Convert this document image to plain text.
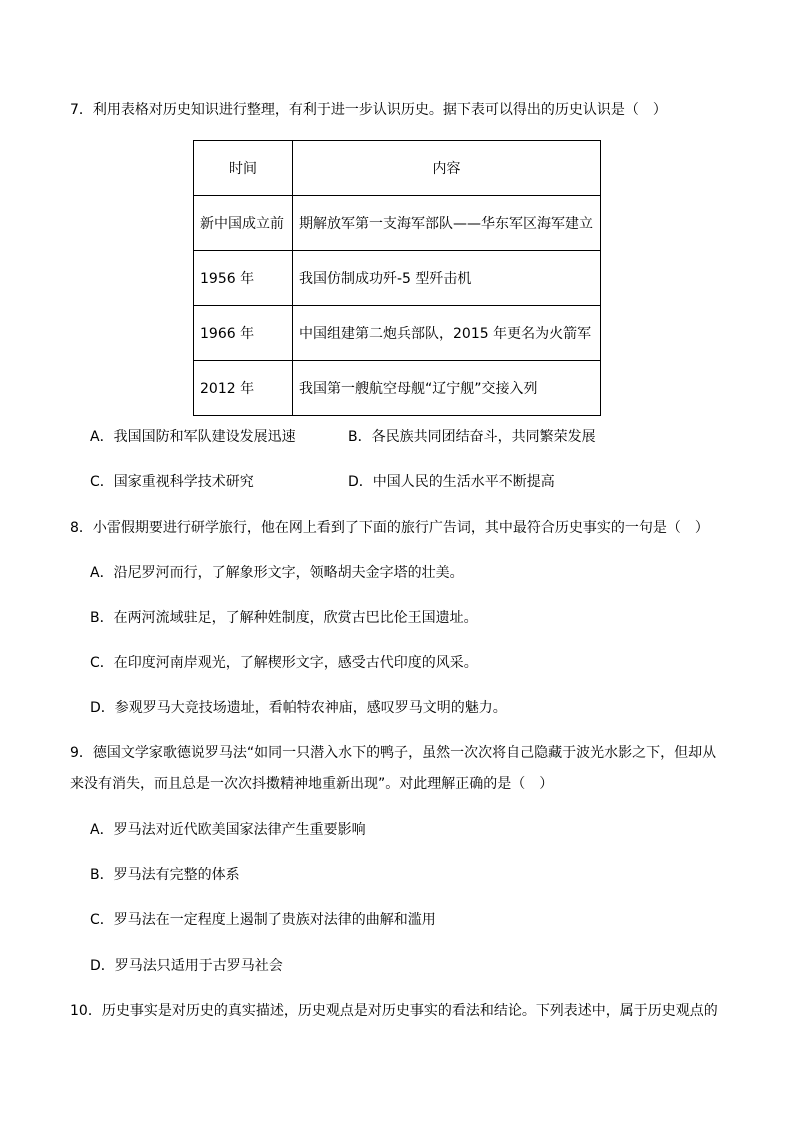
7．利用表格对历史知识进行整理，有利于进一步认识历史。据下表可以得出的历史认识是（　）
时间	内容
新中国成立前	期解放军第一支海军部队——华东军区海军建立
1956 年	我国仿制成功歼-5 型歼击机
1966 年	中国组建第二炮兵部队，2015 年更名为火箭军
2012 年	我国第一艘航空母舰“辽宁舰”交接入列
A．我国国防和军队建设发展迅速	B．各民族共同团结奋斗，共同繁荣发展
C．国家重视科学技术研究	D．中国人民的生活水平不断提高
8．小雷假期要进行研学旅行，他在网上看到了下面的旅行广告词，其中最符合历史事实的一句是（　）
A．沿尼罗河而行，了解象形文字，领略胡夫金字塔的壮美。
B．在两河流域驻足，了解种姓制度，欣赏古巴比伦王国遗址。
C．在印度河南岸观光，了解楔形文字，感受古代印度的风采。
D．参观罗马大竞技场遗址，看帕特农神庙，感叹罗马文明的魅力。
9．德国文学家歌德说罗马法“如同一只潜入水下的鸭子，虽然一次次将自己隐藏于波光水影之下，但却从
来没有消失，而且总是一次次抖擞精神地重新出现”。对此理解正确的是（　）
A．罗马法对近代欧美国家法律产生重要影响
B．罗马法有完整的体系
C．罗马法在一定程度上遏制了贵族对法律的曲解和滥用
D．罗马法只适用于古罗马社会
10．历史事实是对历史的真实描述，历史观点是对历史事实的看法和结论。下列表述中，属于历史观点的
